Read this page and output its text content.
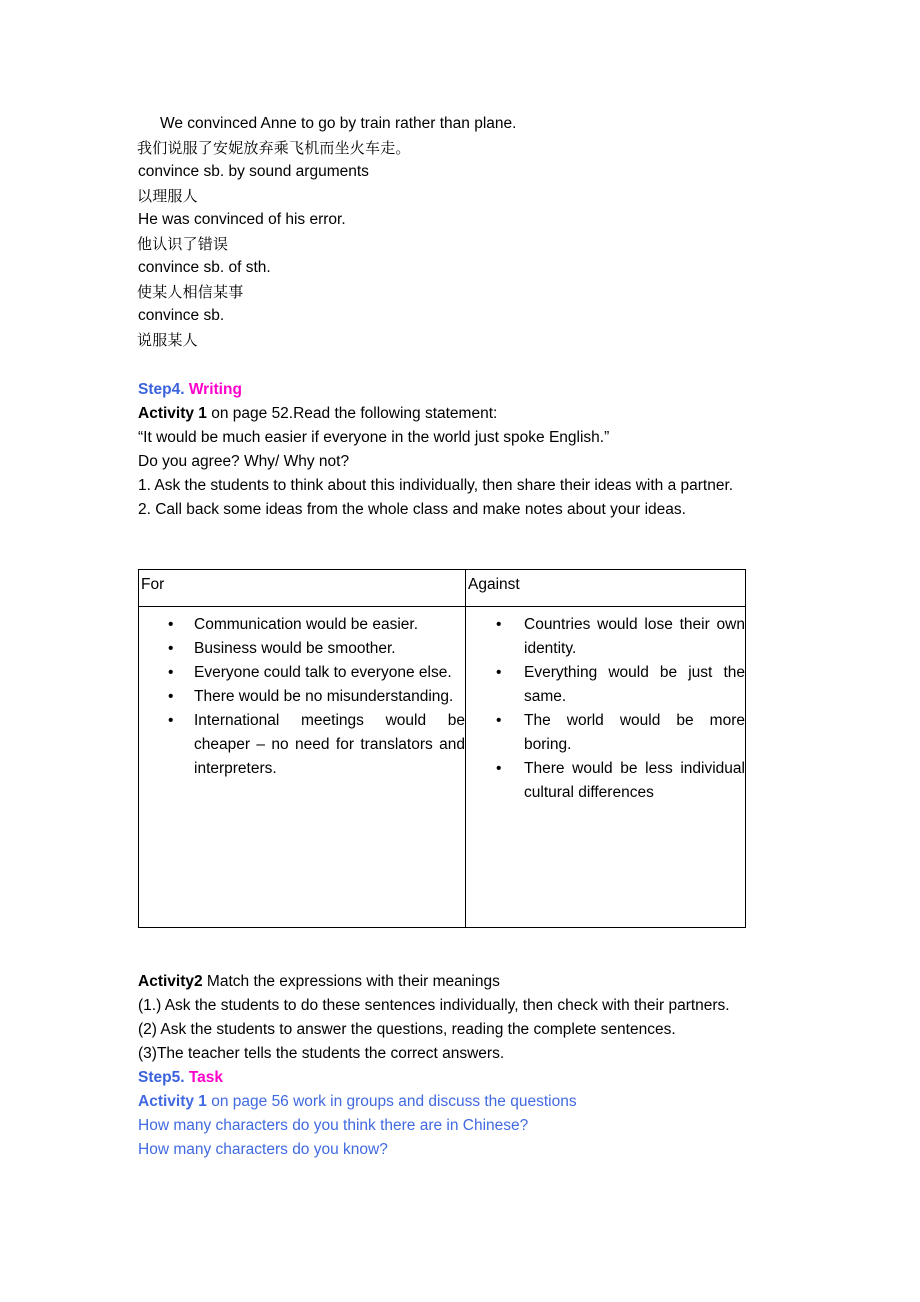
We convinced Anne to go by train rather than plane.
我们说服了安妮放弃乘飞机而坐火车走。
convince sb. by sound arguments
以理服人
He was convinced of his error.
他认识了错误
convince sb. of sth.
使某人相信某事
convince sb.
说服某人
Step4. Writing
Activity 1 on page 52.Read the following statement:
“It would be much easier if everyone in the world just spoke English.”
Do you agree? Why/ Why not?
1. Ask the students to think about this individually, then share their ideas with a partner.
2. Call back some ideas from the whole class and make notes about your ideas.
For	Against

• Communication would be easier.
• Business would be smoother.
• Everyone could talk to everyone else.
• There would be no misunderstanding.
• International meetings would be cheaper – no need for translators and interpreters.

• Countries would lose their own identity.
• Everything would be just the same.
• The world would be more boring.
• There would be less individual cultural differences
Activity2 Match the expressions with their meanings
(1.) Ask the students to do these sentences individually, then check with their partners.
(2) Ask the students to answer the questions, reading the complete sentences.
(3)The teacher tells the students the correct answers.
Step5. Task
Activity 1 on page 56 work in groups and discuss the questions
How many characters do you think there are in Chinese?
How many characters do you know?
